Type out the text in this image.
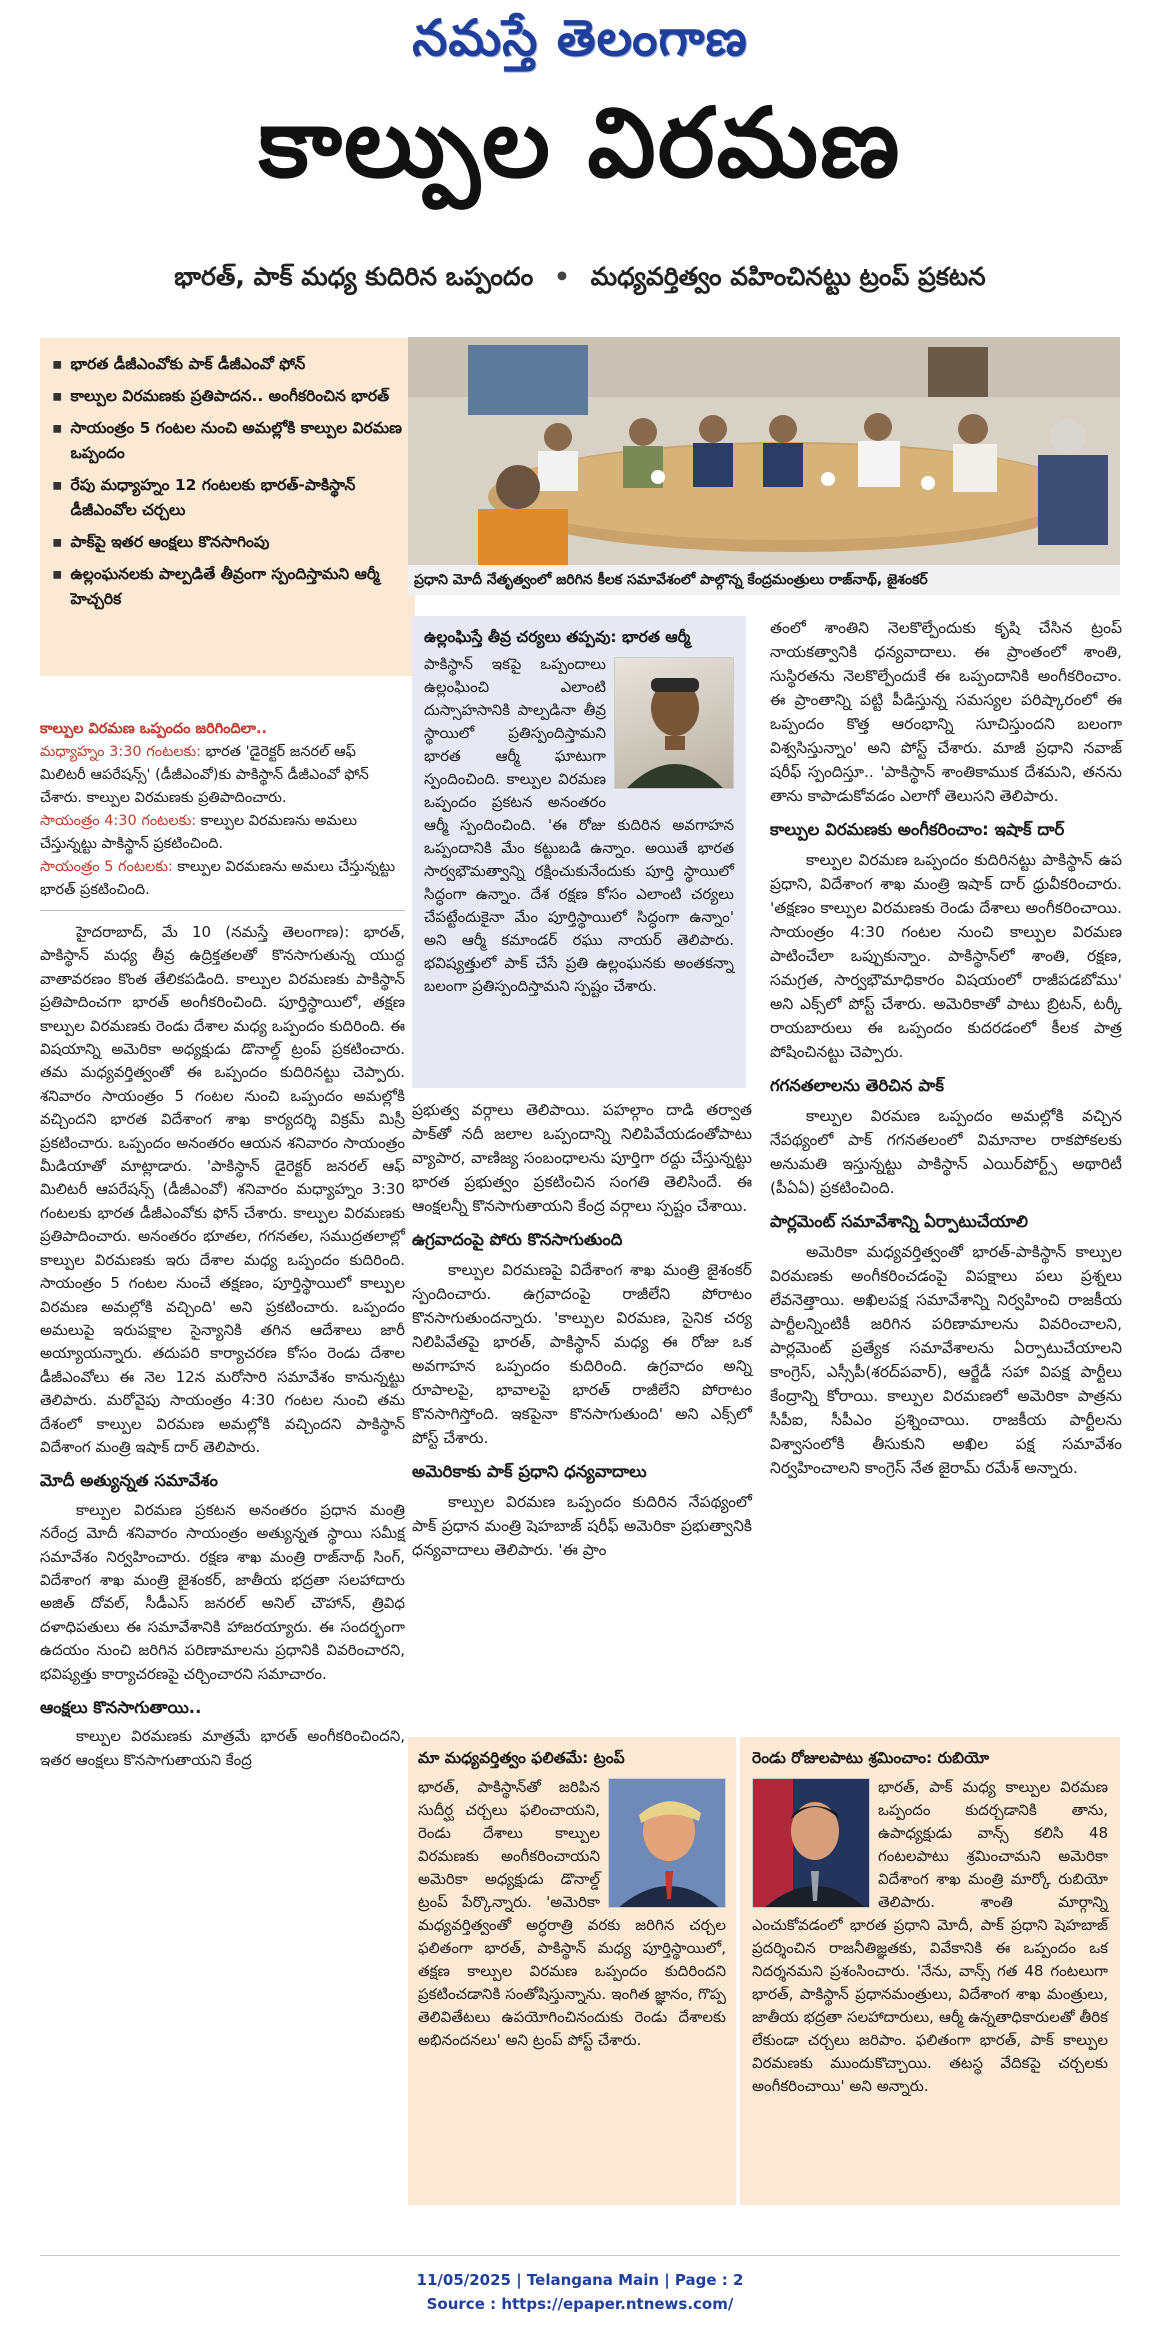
నమస్తే తెలంగాణ
కాల్పుల విరమణ
భారత్, పాక్ మధ్య కుదిరిన ఒప్పందం • మధ్యవర్తిత్వం వహించినట్టు ట్రంప్ ప్రకటన
▪ భారత డీజీఎంవోకు పాక్ డీజీఎంవో ఫోన్
▪ కాల్పుల విరమణకు ప్రతిపాదన.. అంగీకరించిన భారత్
▪ సాయంత్రం 5 గంటల నుంచి అమల్లోకి కాల్పుల విరమణ ఒప్పందం
▪ రేపు మధ్యాహ్నం 12 గంటలకు భారత్-పాకిస్థాన్ డీజీఎంవోల చర్చలు
▪ పాక్‌పై ఇతర ఆంక్షలు కొనసాగింపు
▪ ఉల్లంఘనలకు పాల్పడితే తీవ్రంగా స్పందిస్తామని ఆర్మీ హెచ్చరిక
ప్రధాని మోదీ నేతృత్వంలో జరిగిన కీలక సమావేశంలో పాల్గొన్న కేంద్రమంత్రులు రాజ్‌నాథ్, జైశంకర్
కాల్పుల విరమణ ఒప్పందం జరిగిందిలా..
మధ్యాహ్నం 3:30 గంటలకు: భారత 'డైరెక్టర్ జనరల్ ఆఫ్ మిలిటరీ ఆపరేషన్స్' (డీజీఎంవో)కు పాకిస్థాన్ డీజీఎంవో ఫోన్ చేశారు. కాల్పుల విరమణకు ప్రతిపాదించారు.
సాయంత్రం 4:30 గంటలకు: కాల్పుల విరమణను అమలు చేస్తున్నట్టు పాకిస్థాన్ ప్రకటించింది.
సాయంత్రం 5 గంటలకు: కాల్పుల విరమణను అమలు చేస్తున్నట్టు భారత్ ప్రకటించింది.

హైదరాబాద్, మే 10 (నమస్తే తెలంగాణ): భారత్, పాకిస్థాన్ మధ్య తీవ్ర ఉద్రిక్తతలతో కొనసాగుతున్న యుద్ధ వాతావరణం కొంత తేలికపడింది. కాల్పుల విరమణకు పాకిస్థాన్ ప్రతిపాదించగా భారత్ అంగీకరించింది. పూర్తిస్థాయిలో, తక్షణ కాల్పుల విరమణకు రెండు దేశాల మధ్య ఒప్పందం కుదిరింది. ఈ విషయాన్ని అమెరికా అధ్యక్షుడు డొనాల్డ్ ట్రంప్ ప్రకటించారు. తమ మధ్యవర్తిత్వంతో ఈ ఒప్పందం కుదిరినట్టు చెప్పారు. శనివారం సాయంత్రం 5 గంటల నుంచి ఒప్పందం అమల్లోకి వచ్చిందని భారత విదేశాంగ శాఖ కార్యదర్శి విక్రమ్ మిస్రీ ప్రకటించారు. ఒప్పందం అనంతరం ఆయన శనివారం సాయంత్రం మీడియాతో మాట్లాడారు. 'పాకిస్థాన్ డైరెక్టర్ జనరల్ ఆఫ్ మిలిటరీ ఆపరేషన్స్ (డీజీఎంవో) శనివారం మధ్యాహ్నం 3:30 గంటలకు భారత డీజీఎంవోకు ఫోన్ చేశారు. కాల్పుల విరమణకు ప్రతిపాదించారు. అనంతరం భూతల, గగనతల, సముద్రతలాల్లో కాల్పుల విరమణకు ఇరు దేశాల మధ్య ఒప్పందం కుదిరింది. సాయంత్రం 5 గంటల నుంచే తక్షణం, పూర్తిస్థాయిలో కాల్పుల విరమణ అమల్లోకి వచ్చింది' అని ప్రకటించారు. ఒప్పందం అమలుపై ఇరుపక్షాల సైన్యానికి తగిన ఆదేశాలు జారీ అయ్యాయన్నారు. తదుపరి కార్యాచరణ కోసం రెండు దేశాల డీజీఎంవోలు ఈ నెల 12న మరోసారి సమావేశం కానున్నట్టు తెలిపారు. మరోవైపు సాయంత్రం 4:30 గంటల నుంచి తమ దేశంలో కాల్పుల విరమణ అమల్లోకి వచ్చిందని పాకిస్థాన్ విదేశాంగ మంత్రి ఇషాక్ దార్ తెలిపారు.

మోదీ అత్యున్నత సమావేశం

కాల్పుల విరమణ ప్రకటన అనంతరం ప్రధాన మంత్రి నరేంద్ర మోదీ శనివారం సాయంత్రం అత్యున్నత స్థాయి సమీక్ష సమావేశం నిర్వహించారు. రక్షణ శాఖ మంత్రి రాజ్‌నాథ్ సింగ్, విదేశాంగ శాఖ మంత్రి జైశంకర్, జాతీయ భద్రతా సలహాదారు అజిత్ దోవల్, సీడీఎస్ జనరల్ అనిల్ చౌహాన్, త్రివిధ దళాధిపతులు ఈ సమావేశానికి హాజరయ్యారు. ఈ సందర్భంగా ఉదయం నుంచి జరిగిన పరిణామాలను ప్రధానికి వివరించారని, భవిష్యత్తు కార్యాచరణపై చర్చించారని సమాచారం.

ఆంక్షలు కొనసాగుతాయి..

కాల్పుల విరమణకు మాత్రమే భారత్ అంగీకరించిందని, ఇతర ఆంక్షలు కొనసాగుతాయని కేంద్ర

ఉల్లంఘిస్తే తీవ్ర చర్యలు తప్పవు: భారత ఆర్మీ

పాకిస్థాన్ ఇకపై ఒప్పందాలు ఉల్లంఘించి ఎలాంటి దుస్సాహసానికి పాల్పడినా తీవ్ర స్థాయిలో ప్రతిస్పందిస్తామని భారత ఆర్మీ ఘాటుగా స్పందించింది. కాల్పుల విరమణ ఒప్పందం ప్రకటన అనంతరం ఆర్మీ స్పందించింది. 'ఈ రోజు కుదిరిన అవగాహన ఒప్పందానికి మేం కట్టుబడి ఉన్నాం. అయితే భారత సార్వభౌమత్వాన్ని రక్షించుకునేందుకు పూర్తి స్థాయిలో సిద్ధంగా ఉన్నాం. దేశ రక్షణ కోసం ఎలాంటి చర్యలు చేపట్టేందుకైనా మేం పూర్తిస్థాయిలో సిద్ధంగా ఉన్నాం' అని ఆర్మీ కమాండర్ రఘు నాయర్ తెలిపారు. భవిష్యత్తులో పాక్ చేసే ప్రతి ఉల్లంఘనకు అంతకన్నా బలంగా ప్రతిస్పందిస్తామని స్పష్టం చేశారు.

ప్రభుత్వ వర్గాలు తెలిపాయి. పహల్గాం దాడి తర్వాత పాక్‌తో నదీ జలాల ఒప్పందాన్ని నిలిపివేయడంతోపాటు వ్యాపార, వాణిజ్య సంబంధాలను పూర్తిగా రద్దు చేస్తున్నట్టు భారత ప్రభుత్వం ప్రకటించిన సంగతి తెలిసిందే. ఈ ఆంక్షలన్నీ కొనసాగుతాయని కేంద్ర వర్గాలు స్పష్టం చేశాయి.

ఉగ్రవాదంపై పోరు కొనసాగుతుంది

కాల్పుల విరమణపై విదేశాంగ శాఖ మంత్రి జైశంకర్ స్పందించారు. ఉగ్రవాదంపై రాజీలేని పోరాటం కొనసాగుతుందన్నారు. 'కాల్పుల విరమణ, సైనిక చర్య నిలిపివేతపై భారత్, పాకిస్థాన్ మధ్య ఈ రోజు ఒక అవగాహన ఒప్పందం కుదిరింది. ఉగ్రవాదం అన్ని రూపాలపై, భావాలపై భారత్ రాజీలేని పోరాటం కొనసాగిస్తోంది. ఇకపైనా కొనసాగుతుంది' అని ఎక్స్‌లో పోస్ట్ చేశారు.

అమెరికాకు పాక్ ప్రధాని ధన్యవాదాలు

కాల్పుల విరమణ ఒప్పందం కుదిరిన నేపథ్యంలో పాక్ ప్రధాన మంత్రి షెహబాజ్ షరీఫ్ అమెరికా ప్రభుత్వానికి ధన్యవాదాలు తెలిపారు. 'ఈ ప్రాం

తంలో శాంతిని నెలకొల్పేందుకు కృషి చేసిన ట్రంప్ నాయకత్వానికి ధన్యవాదాలు. ఈ ప్రాంతంలో శాంతి, సుస్థిరతను నెలకొల్పేందుకే ఈ ఒప్పందానికి అంగీకరించాం. ఈ ప్రాంతాన్ని పట్టి పీడిస్తున్న సమస్యల పరిష్కారంలో ఈ ఒప్పందం కొత్త ఆరంభాన్ని సూచిస్తుందని బలంగా విశ్వసిస్తున్నాం' అని పోస్ట్ చేశారు. మాజీ ప్రధాని నవాజ్ షరీఫ్ స్పందిస్తూ.. 'పాకిస్థాన్ శాంతికాముక దేశమని, తనను తాను కాపాడుకోవడం ఎలాగో తెలుసని తెలిపారు.

కాల్పుల విరమణకు అంగీకరించాం: ఇషాక్ దార్

కాల్పుల విరమణ ఒప్పందం కుదిరినట్టు పాకిస్థాన్ ఉప ప్రధాని, విదేశాంగ శాఖ మంత్రి ఇషాక్ దార్ ధ్రువీకరించారు. 'తక్షణం కాల్పుల విరమణకు రెండు దేశాలు అంగీకరించాయి. సాయంత్రం 4:30 గంటల నుంచి కాల్పుల విరమణ పాటించేలా ఒప్పుకున్నాం. పాకిస్థాన్‌లో శాంతి, రక్షణ, సమగ్రత, సార్వభౌమాధికారం విషయంలో రాజీపడబోము' అని ఎక్స్‌లో పోస్ట్ చేశారు. అమెరికాతో పాటు బ్రిటన్, టర్కీ రాయబారులు ఈ ఒప్పందం కుదరడంలో కీలక పాత్ర పోషించినట్టు చెప్పారు.

గగనతలాలను తెరిచిన పాక్

కాల్పుల విరమణ ఒప్పందం అమల్లోకి వచ్చిన నేపథ్యంలో పాక్ గగనతలంలో విమానాల రాకపోకలకు అనుమతి ఇస్తున్నట్టు పాకిస్థాన్ ఎయిర్‌పోర్ట్స్ అథారిటీ (పీఏఏ) ప్రకటించింది.

పార్లమెంట్ సమావేశాన్ని ఏర్పాటుచేయాలి

అమెరికా మధ్యవర్తిత్వంతో భారత్-పాకిస్థాన్ కాల్పుల విరమణకు అంగీకరించడంపై విపక్షాలు పలు ప్రశ్నలు లేవనెత్తాయి. అఖిలపక్ష సమావేశాన్ని నిర్వహించి రాజకీయ పార్టీలన్నింటికీ జరిగిన పరిణామాలను వివరించాలని, పార్లమెంట్ ప్రత్యేక సమావేశాలను ఏర్పాటుచేయాలని కాంగ్రెస్, ఎస్సీపీ(శరద్‌పవార్), ఆర్జేడీ సహా విపక్ష పార్టీలు కేంద్రాన్ని కోరాయి. కాల్పుల విరమణలో అమెరికా పాత్రను సీపీఐ, సీపీఎం ప్రశ్నించాయి. రాజకీయ పార్టీలను విశ్వాసంలోకి తీసుకుని అఖిల పక్ష సమావేశం నిర్వహించాలని కాంగ్రెస్ నేత జైరామ్ రమేశ్ అన్నారు.

మా మధ్యవర్తిత్వం ఫలితమే: ట్రంప్

భారత్, పాకిస్థాన్‌తో జరిపిన సుదీర్ఘ చర్చలు ఫలించాయని, రెండు దేశాలు కాల్పుల విరమణకు అంగీకరించాయని అమెరికా అధ్యక్షుడు డొనాల్డ్ ట్రంప్ పేర్కొన్నారు. 'అమెరికా మధ్యవర్తిత్వంతో అర్ధరాత్రి వరకు జరిగిన చర్చల ఫలితంగా భారత్, పాకిస్థాన్ మధ్య పూర్తిస్థాయిలో, తక్షణ కాల్పుల విరమణ ఒప్పందం కుదిరిందని ప్రకటించడానికి సంతోషిస్తున్నాను. ఇంగిత జ్ఞానం, గొప్ప తెలివితేటలు ఉపయోగించినందుకు రెండు దేశాలకు అభినందనలు' అని ట్రంప్ పోస్ట్ చేశారు.

రెండు రోజులపాటు శ్రమించాం: రుబియో

భారత్, పాక్ మధ్య కాల్పుల విరమణ ఒప్పందం కుదర్చడానికి తాను, ఉపాధ్యక్షుడు వాన్స్ కలిసి 48 గంటలపాటు శ్రమించామని అమెరికా విదేశాంగ శాఖ మంత్రి మార్కో రుబియో తెలిపారు. శాంతి మార్గాన్ని ఎంచుకోవడంలో భారత ప్రధాని మోదీ, పాక్ ప్రధాని షెహబాజ్ ప్రదర్శించిన రాజనీతిజ్ఞతకు, వివేకానికి ఈ ఒప్పందం ఒక నిదర్శనమని ప్రశంసించారు. 'నేను, వాన్స్ గత 48 గంటలుగా భారత్, పాకిస్థాన్ ప్రధానమంత్రులు, విదేశాంగ శాఖ మంత్రులు, జాతీయ భద్రతా సలహాదారులు, ఆర్మీ ఉన్నతాధికారులతో తీరిక లేకుండా చర్చలు జరిపాం. ఫలితంగా భారత్, పాక్ కాల్పుల విరమణకు ముందుకొచ్చాయి. తటస్థ వేదికపై చర్చలకు అంగీకరించాయి' అని అన్నారు.

11/05/2025 | Telangana Main | Page : 2
Source : https://epaper.ntnews.com/
